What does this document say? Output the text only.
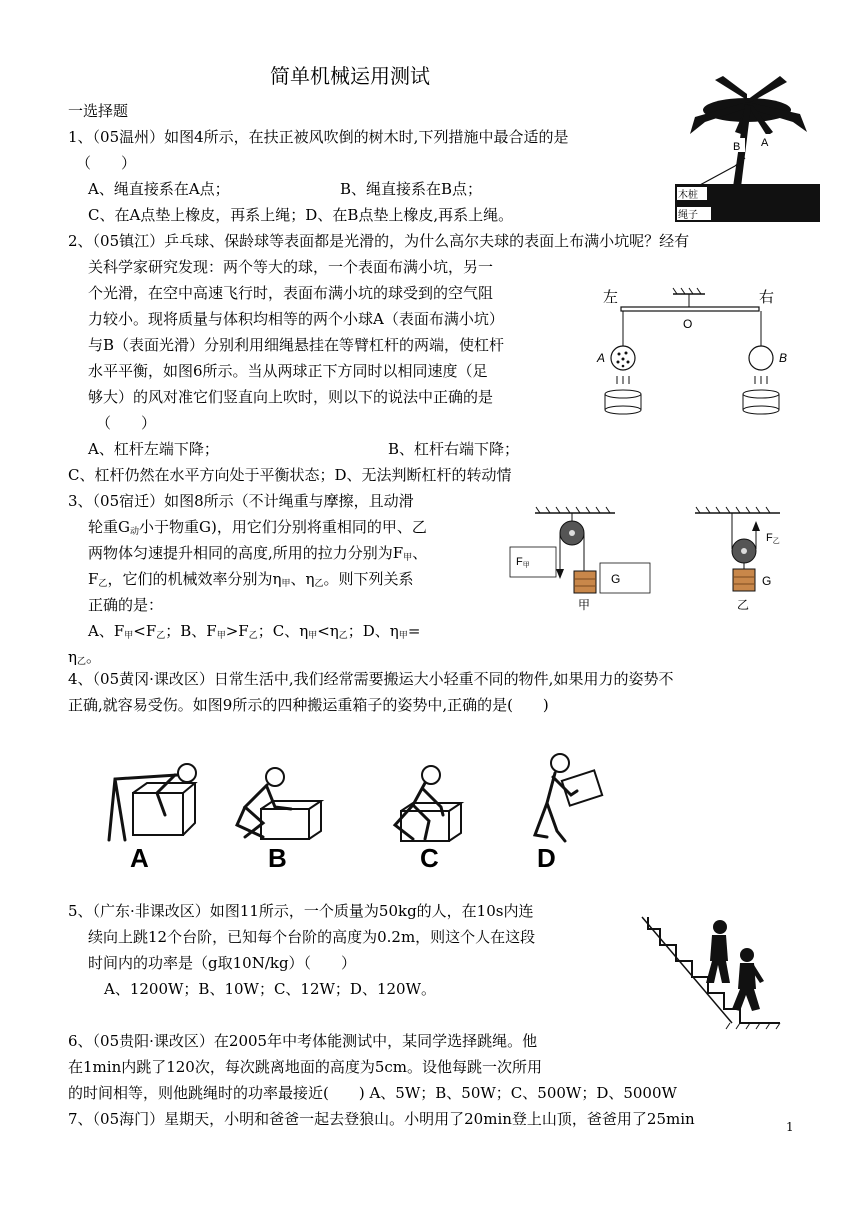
简单机械运用测试
一选择题
1、（05温州）如图4所示，在扶正被风吹倒的树木时,下列措施中最合适的是
（　　）
A、绳直接系在A点；	B、绳直接系在B点；
C、在A点垫上橡皮，再系上绳；D、在B点垫上橡皮,再系上绳。
B A
木桩
绳子
2、（05镇江）乒乓球、保龄球等表面都是光滑的，为什么高尔夫球的表面上布满小坑呢？经有
关科学家研究发现：两个等大的球，一个表面布满小坑，另一
个光滑，在空中高速飞行时，表面布满小坑的球受到的空气阻
力较小。现将质量与体积均相等的两个小球A（表面布满小坑）
与B（表面光滑）分别利用细绳悬挂在等臂杠杆的两端，使杠杆
水平平衡，如图6所示。当从两球正下方同时以相同速度（足
够大）的风对准它们竖直向上吹时，则以下的说法中正确的是
（　　）
A、杠杆左端下降；	B、杠杆右端下降；
C、杠杆仍然在水平方向处于平衡状态；D、无法判断杠杆的转动情
左	右
O
A	B
3、（05宿迁）如图8所示（不计绳重与摩擦，且动滑
轮重$G_动$小于物重G)，用它们分别将重相同的甲、乙
两物体匀速提升相同的高度,所用的拉力分别为$F_甲$、
$F_乙$，它们的机械效率分别为$\eta_甲$、$\eta_乙$。则下列关系
正确的是：
A、$F_甲<F_乙$；B、$F_甲>F_乙$；C、$\eta_甲<\eta_乙$；D、$\eta_甲=$
$\eta_乙$。
F甲
G
甲
F乙
G
乙
4、（05黄冈·课改区）日常生活中,我们经常需要搬运大小轻重不同的物件,如果用力的姿势不
正确,就容易受伤。如图9所示的四种搬运重箱子的姿势中,正确的是(　　)
A	B	C	D
5、（广东·非课改区）如图11所示，一个质量为50kg的人，在10s内连
续向上跳12个台阶，已知每个台阶的高度为0.2m，则这个人在这段
时间内的功率是（g取10N/kg）（　　）
A、1200W；B、10W；C、12W；D、120W。
6、（05贵阳·课改区）在2005年中考体能测试中，某同学选择跳绳。他
在1min内跳了120次，每次跳离地面的高度为5cm。设他每跳一次所用
的时间相等，则他跳绳时的功率最接近(　　) A、5W；B、50W；C、500W；D、5000W
7、（05海门）星期天，小明和爸爸一起去登狼山。小明用了20min登上山顶，爸爸用了25min	1
